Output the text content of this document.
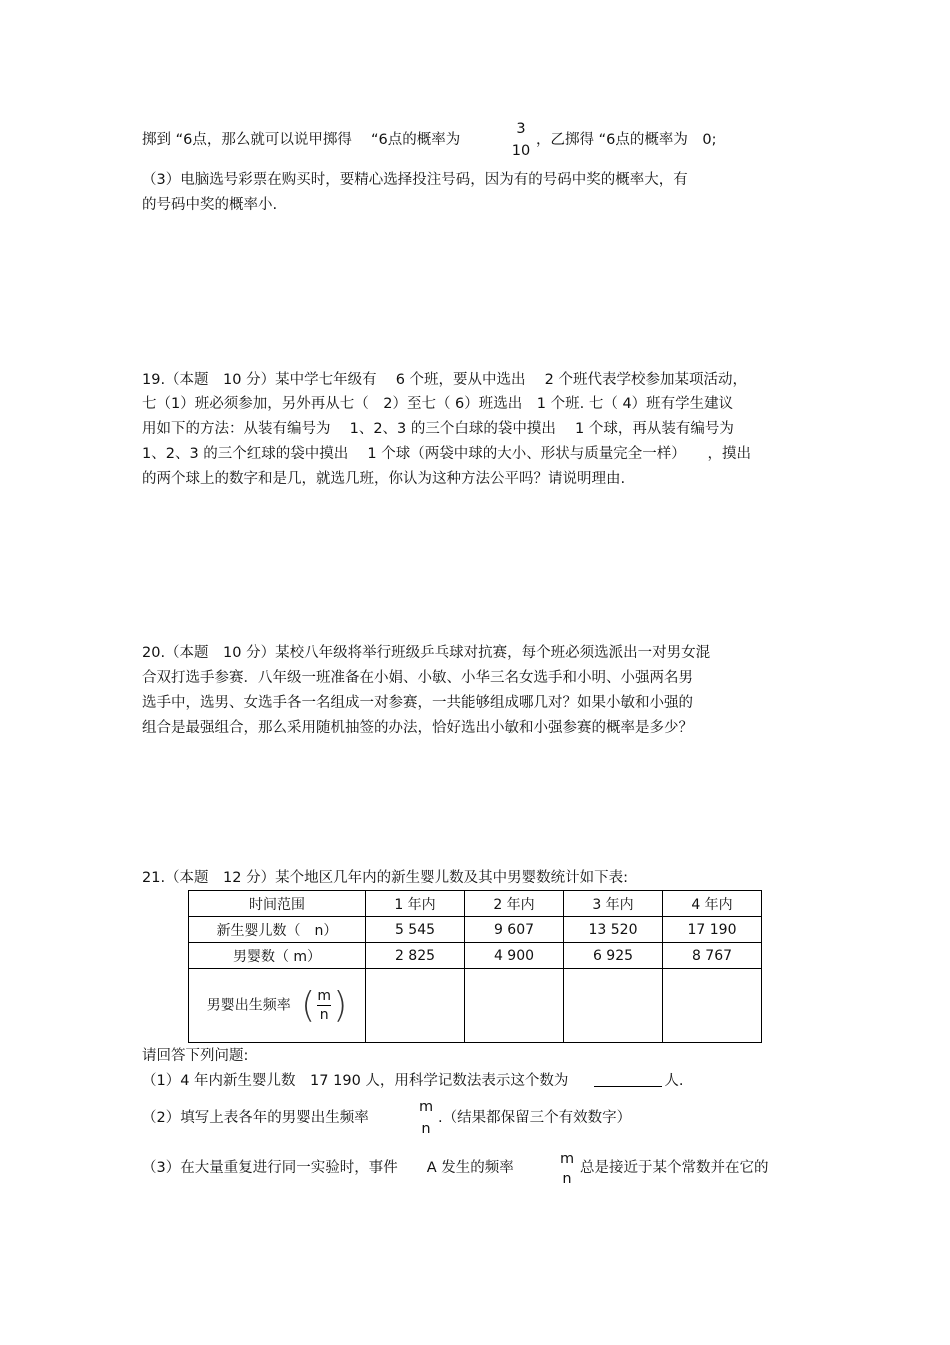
掷到 “6点，那么就可以说甲掷得　 “6点的概率为
3
10
，乙掷得 “6点的概率为　0;
（3）电脑选号彩票在购买时，要精心选择投注号码，因为有的号码中奖的概率大，有
的号码中奖的概率小.
19.（本题　10 分）某中学七年级有　 6 个班，要从中选出　 2 个班代表学校参加某项活动，
七（1）班必须参加，另外再从七（　2）至七（ 6）班选出　1 个班. 七（ 4）班有学生建议
用如下的方法：从装有编号为　 1、2、3 的三个白球的袋中摸出　 1 个球，再从装有编号为
1、2、3 的三个红球的袋中摸出　 1 个球（两袋中球的大小、形状与质量完全一样）　　，摸出
的两个球上的数字和是几，就选几班，你认为这种方法公平吗？请说明理由.
20.（本题　10 分）某校八年级将举行班级乒乓球对抗赛，每个班必须选派出一对男女混
合双打选手参赛．八年级一班准备在小娟、小敏、小华三名女选手和小明、小强两名男
选手中，选男、女选手各一名组成一对参赛，一共能够组成哪几对？如果小敏和小强的
组合是最强组合，那么采用随机抽签的办法，恰好选出小敏和小强参赛的概率是多少？
21.（本题　12 分）某个地区几年内的新生婴儿数及其中男婴数统计如下表:
时间范围	1 年内	2 年内	3 年内	4 年内
新生婴儿数（　n）	5 545	9 607	13 520	17 190
男婴数（ m）	2 825	4 900	6 925	8 767
男婴出生频率 ( m
n )				

请回答下列问题:
（1）4 年内新生婴儿数　17 190 人，用科学记数法表示这个数为	人.
（2）填写上表各年的男婴出生频率
m
n
.（结果都保留三个有效数字）
（3）在大量重复进行同一实验时，事件　　A 发生的频率
m
n
总是接近于某个常数并在它的
